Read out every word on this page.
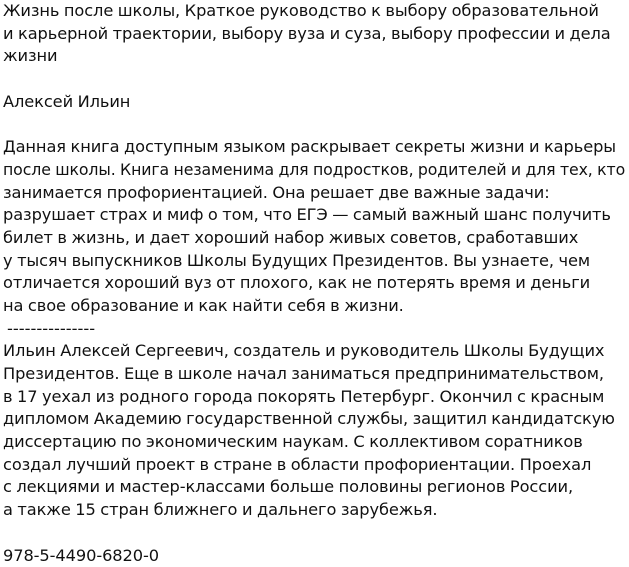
Жизнь после школы, Краткое руководство к выбору образовательной
и карьерной траектории, выбору вуза и суза, выбору профессии и дела
жизни
Алексей Ильин
Данная книга доступным языком раскрывает секреты жизни и карьеры
после школы. Книга незаменима для подростков, родителей и для тех, кто
занимается профориентацией. Она решает две важные задачи:
разрушает страх и миф о том, что ЕГЭ — самый важный шанс получить
билет в жизнь, и дает хороший набор живых советов, сработавших
у тысяч выпускников Школы Будущих Президентов. Вы узнаете, чем
отличается хороший вуз от плохого, как не потерять время и деньги
на свое образование и как найти себя в жизни.
---------------
Ильин Алексей Сергеевич, создатель и руководитель Школы Будущих
Президентов. Еще в школе начал заниматься предпринимательством,
в 17 уехал из родного города покорять Петербург. Окончил с красным
дипломом Академию государственной службы, защитил кандидатскую
диссертацию по экономическим наукам. С коллективом соратников
создал лучший проект в стране в области профориентации. Проехал
с лекциями и мастер-классами больше половины регионов России,
а также 15 стран ближнего и дальнего зарубежья.
978-5-4490-6820-0
